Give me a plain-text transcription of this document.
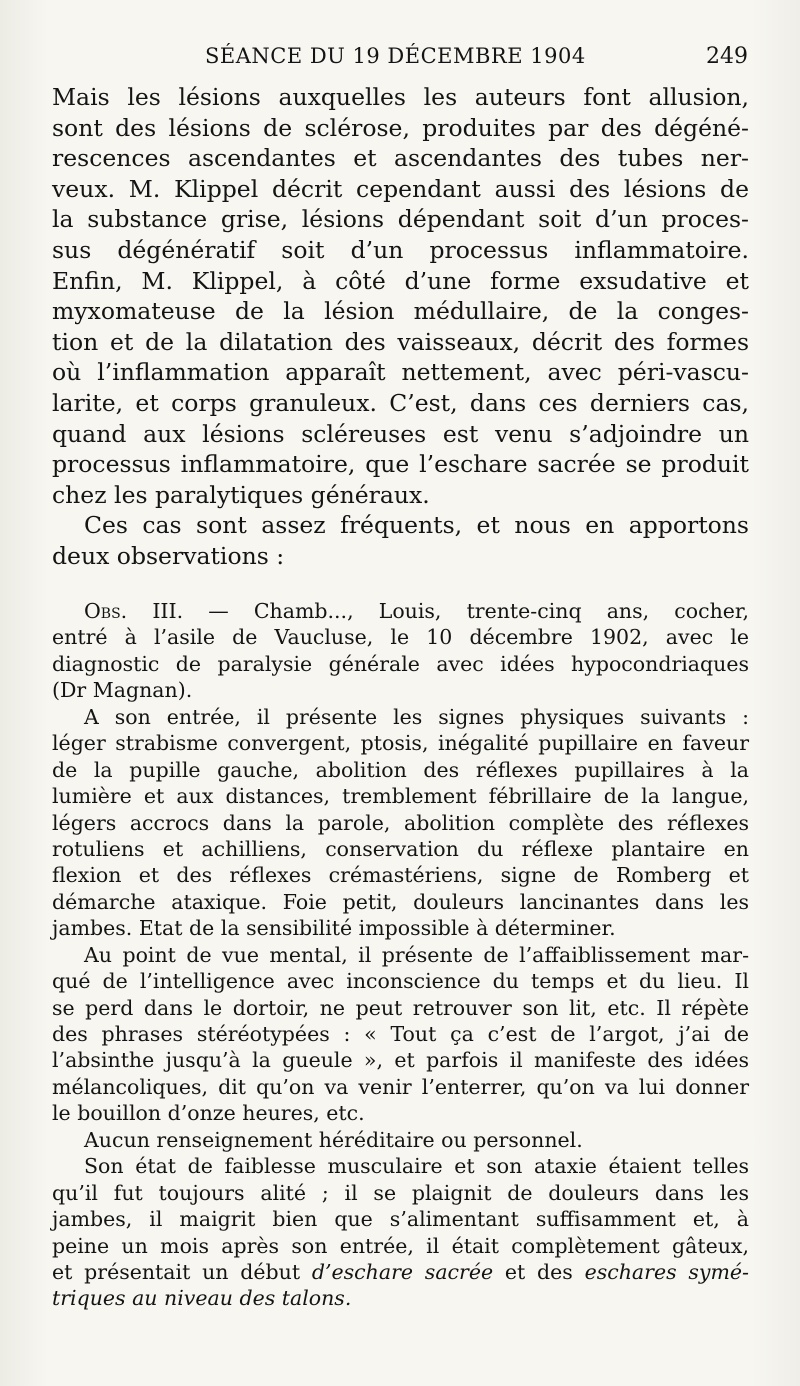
SÉANCE DU 19 DÉCEMBRE 1904	249
Mais les lésions auxquelles les auteurs font allusion,
sont des lésions de sclérose, produites par des dégéné-
rescences ascendantes et ascendantes des tubes ner-
veux. M. Klippel décrit cependant aussi des lésions de
la substance grise, lésions dépendant soit d’un proces-
sus dégénératif soit d’un processus inflammatoire.
Enfin, M. Klippel, à côté d’une forme exsudative et
myxomateuse de la lésion médullaire, de la conges-
tion et de la dilatation des vaisseaux, décrit des formes
où l’inflammation apparaît nettement, avec péri-vascu-
larite, et corps granuleux. C’est, dans ces derniers cas,
quand aux lésions scléreuses est venu s’adjoindre un
processus inflammatoire, que l’eschare sacrée se produit
chez les paralytiques généraux.
Ces cas sont assez fréquents, et nous en apportons
deux observations :
Obs. III. — Chamb..., Louis, trente-cinq ans, cocher,
entré à l’asile de Vaucluse, le 10 décembre 1902, avec le
diagnostic de paralysie générale avec idées hypocondriaques
(Dr Magnan).
A son entrée, il présente les signes physiques suivants :
léger strabisme convergent, ptosis, inégalité pupillaire en faveur
de la pupille gauche, abolition des réflexes pupillaires à la
lumière et aux distances, tremblement fébrillaire de la langue,
légers accrocs dans la parole, abolition complète des réflexes
rotuliens et achilliens, conservation du réflexe plantaire en
flexion et des réflexes crémastériens, signe de Romberg et
démarche ataxique. Foie petit, douleurs lancinantes dans les
jambes. Etat de la sensibilité impossible à déterminer.
Au point de vue mental, il présente de l’affaiblissement mar-
qué de l’intelligence avec inconscience du temps et du lieu. Il
se perd dans le dortoir, ne peut retrouver son lit, etc. Il répète
des phrases stéréotypées : « Tout ça c’est de l’argot, j’ai de
l’absinthe jusqu’à la gueule », et parfois il manifeste des idées
mélancoliques, dit qu’on va venir l’enterrer, qu’on va lui donner
le bouillon d’onze heures, etc.
Aucun renseignement héréditaire ou personnel.
Son état de faiblesse musculaire et son ataxie étaient telles
qu’il fut toujours alité ; il se plaignit de douleurs dans les
jambes, il maigrit bien que s’alimentant suffisamment et, à
peine un mois après son entrée, il était complètement gâteux,
et présentait un début d’eschare sacrée et des eschares symé-
triques au niveau des talons.
